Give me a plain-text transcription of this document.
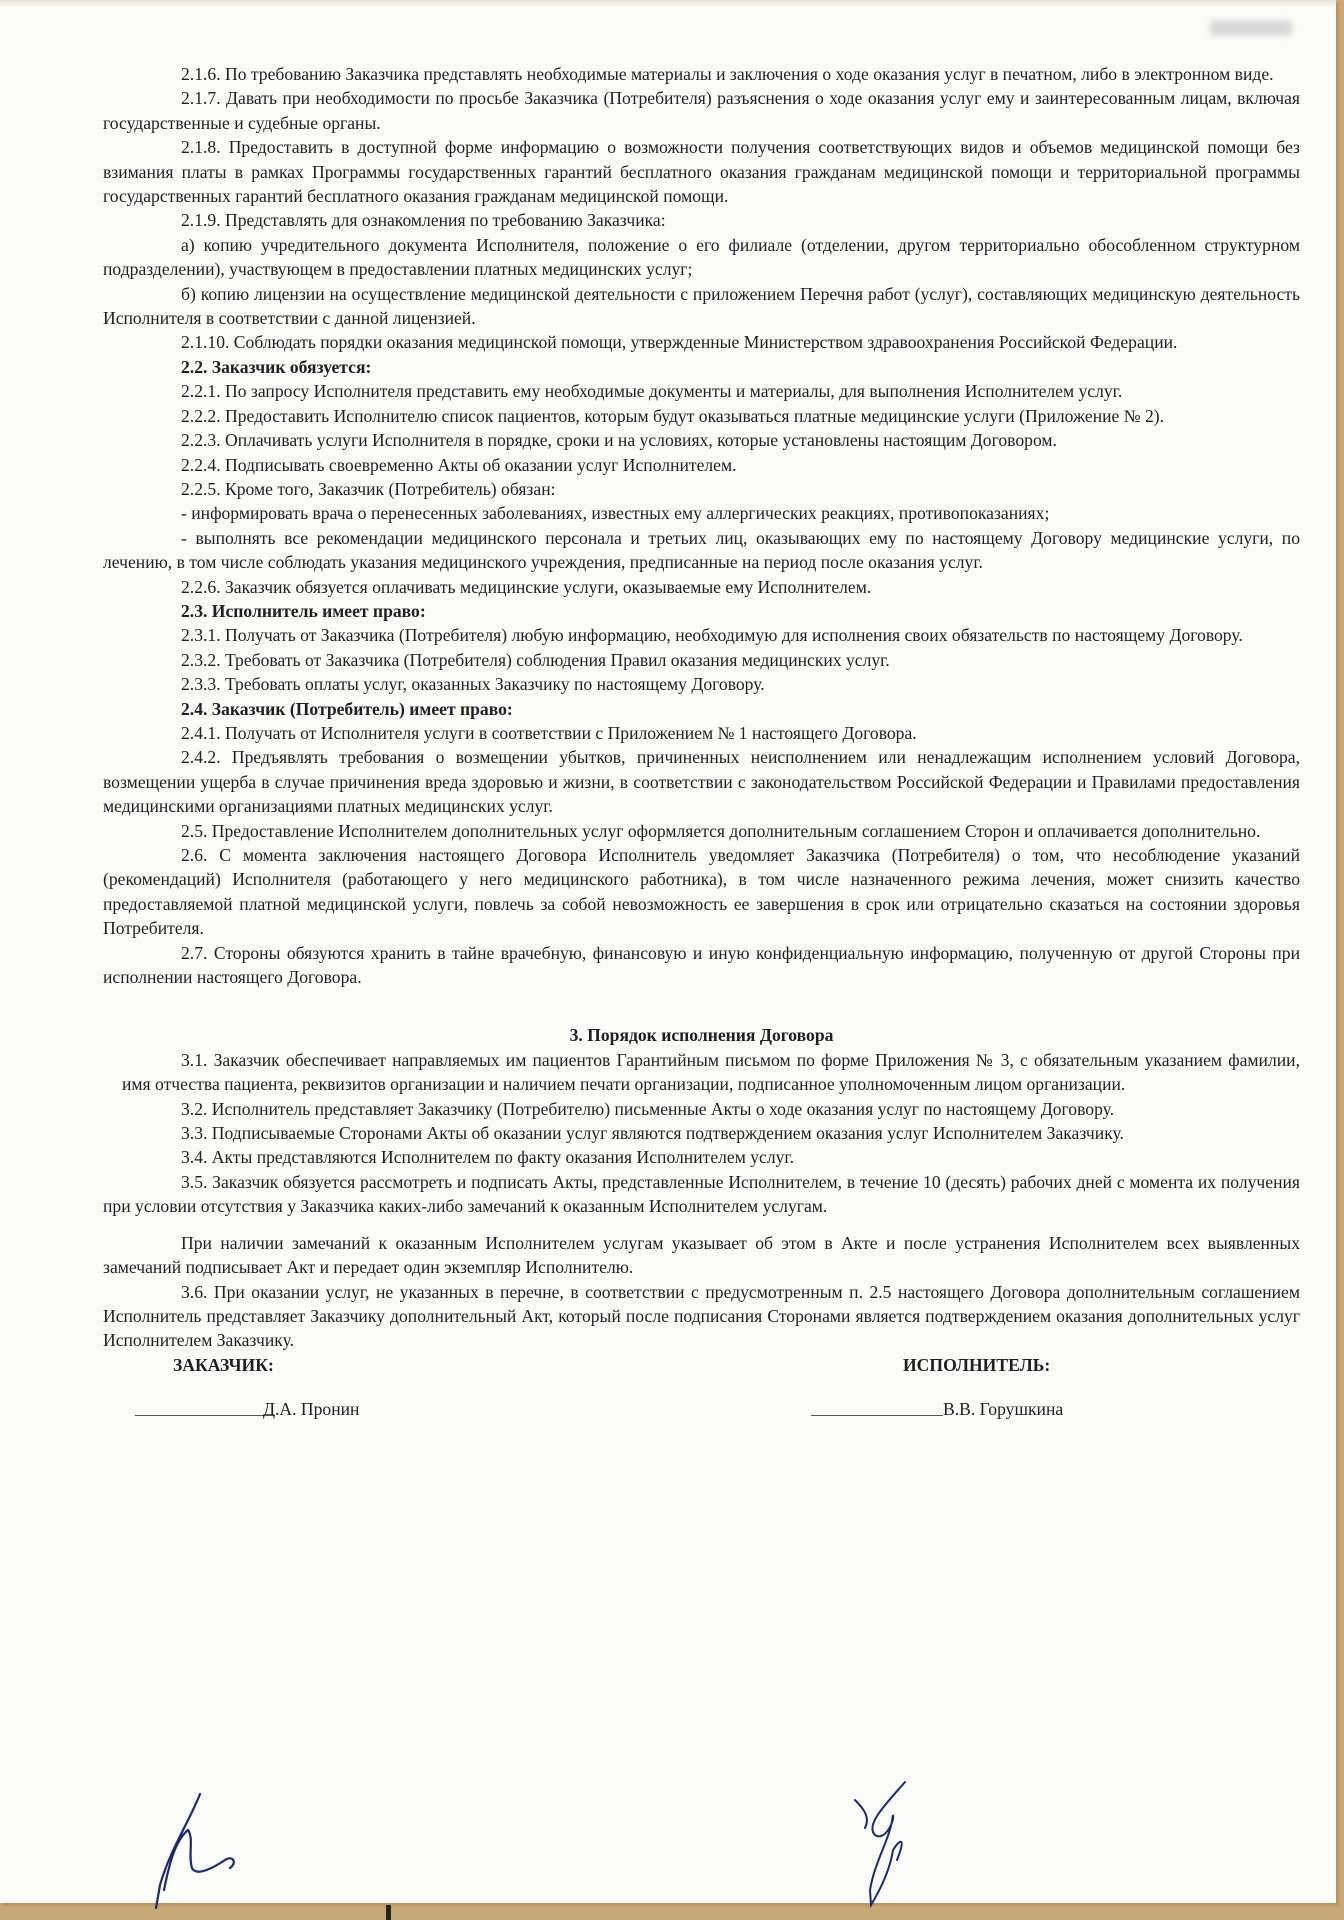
2.1.6. По требованию Заказчика представлять необходимые материалы и заключения о ходе оказания услуг в печатном, либо в электронном виде.

2.1.7. Давать при необходимости по просьбе Заказчика (Потребителя) разъяснения о ходе оказания услуг ему и заинтересованным лицам, включая государственные и судебные органы.

2.1.8. Предоставить в доступной форме информацию о возможности получения соответствующих видов и объемов медицинской помощи без взимания платы в рамках Программы государственных гарантий бесплатного оказания гражданам медицинской помощи и территориальной программы государственных гарантий бесплатного оказания гражданам медицинской помощи.

2.1.9. Представлять для ознакомления по требованию Заказчика:

а) копию учредительного документа Исполнителя, положение о его филиале (отделении, другом территориально обособленном структурном подразделении), участвующем в предоставлении платных медицинских услуг;

б) копию лицензии на осуществление медицинской деятельности с приложением Перечня работ (услуг), составляющих медицинскую деятельность Исполнителя в соответствии с данной лицензией.

2.1.10. Соблюдать порядки оказания медицинской помощи, утвержденные Министерством здравоохранения Российской Федерации.

2.2. Заказчик обязуется:

2.2.1. По запросу Исполнителя представить ему необходимые документы и материалы, для выполнения Исполнителем услуг.

2.2.2. Предоставить Исполнителю список пациентов, которым будут оказываться платные медицинские услуги (Приложение № 2).

2.2.3. Оплачивать услуги Исполнителя в порядке, сроки и на условиях, которые установлены настоящим Договором.

2.2.4. Подписывать своевременно Акты об оказании услуг Исполнителем.

2.2.5. Кроме того, Заказчик (Потребитель) обязан:

- информировать врача о перенесенных заболеваниях, известных ему аллергических реакциях, противопоказаниях;

- выполнять все рекомендации медицинского персонала и третьих лиц, оказывающих ему по настоящему Договору медицинские услуги, по лечению, в том числе соблюдать указания медицинского учреждения, предписанные на период после оказания услуг.

2.2.6. Заказчик обязуется оплачивать медицинские услуги, оказываемые ему Исполнителем.

2.3. Исполнитель имеет право:

2.3.1. Получать от Заказчика (Потребителя) любую информацию, необходимую для исполнения своих обязательств по настоящему Договору.

2.3.2. Требовать от Заказчика (Потребителя) соблюдения Правил оказания медицинских услуг.

2.3.3. Требовать оплаты услуг, оказанных Заказчику по настоящему Договору.

2.4. Заказчик (Потребитель) имеет право:

2.4.1. Получать от Исполнителя услуги в соответствии с Приложением № 1 настоящего Договора.

2.4.2. Предъявлять требования о возмещении убытков, причиненных неисполнением или ненадлежащим исполнением условий Договора, возмещении ущерба в случае причинения вреда здоровью и жизни, в соответствии с законодательством Российской Федерации и Правилами предоставления медицинскими организациями платных медицинских услуг.

2.5. Предоставление Исполнителем дополнительных услуг оформляется дополнительным соглашением Сторон и оплачивается дополнительно.

2.6. С момента заключения настоящего Договора Исполнитель уведомляет Заказчика (Потребителя) о том, что несоблюдение указаний (рекомендаций) Исполнителя (работающего у него медицинского работника), в том числе назначенного режима лечения, может снизить качество предоставляемой платной медицинской услуги, повлечь за собой невозможность ее завершения в срок или отрицательно сказаться на состоянии здоровья Потребителя.

2.7. Стороны обязуются хранить в тайне врачебную, финансовую и иную конфиденциальную информацию, полученную от другой Стороны при исполнении настоящего Договора.

3. Порядок исполнения Договора

3.1. Заказчик обеспечивает направляемых им пациентов Гарантийным письмом по форме Приложения № 3, с обязательным указанием фамилии, имя отчества пациента, реквизитов организации и наличием печати организации, подписанное уполномоченным лицом организации.

3.2. Исполнитель представляет Заказчику (Потребителю) письменные Акты о ходе оказания услуг по настоящему Договору.

3.3. Подписываемые Сторонами Акты об оказании услуг являются подтверждением оказания услуг Исполнителем Заказчику.

3.4. Акты представляются Исполнителем по факту оказания Исполнителем услуг.

3.5. Заказчик обязуется рассмотреть и подписать Акты, представленные Исполнителем, в течение 10 (десять) рабочих дней с момента их получения при условии отсутствия у Заказчика каких-либо замечаний к оказанным Исполнителем услугам.

При наличии замечаний к оказанным Исполнителем услугам указывает об этом в Акте и после устранения Исполнителем всех выявленных замечаний подписывает Акт и передает один экземпляр Исполнителю.

3.6. При оказании услуг, не указанных в перечне, в соответствии с предусмотренным п. 2.5 настоящего Договора дополнительным соглашением Исполнитель представляет Заказчику дополнительный Акт, который после подписания Сторонами является подтверждением оказания дополнительных услуг Исполнителем Заказчику.

ЗАКАЗЧИК:
Д.А. Пронин
ИСПОЛНИТЕЛЬ:
В.В. Горушкина
